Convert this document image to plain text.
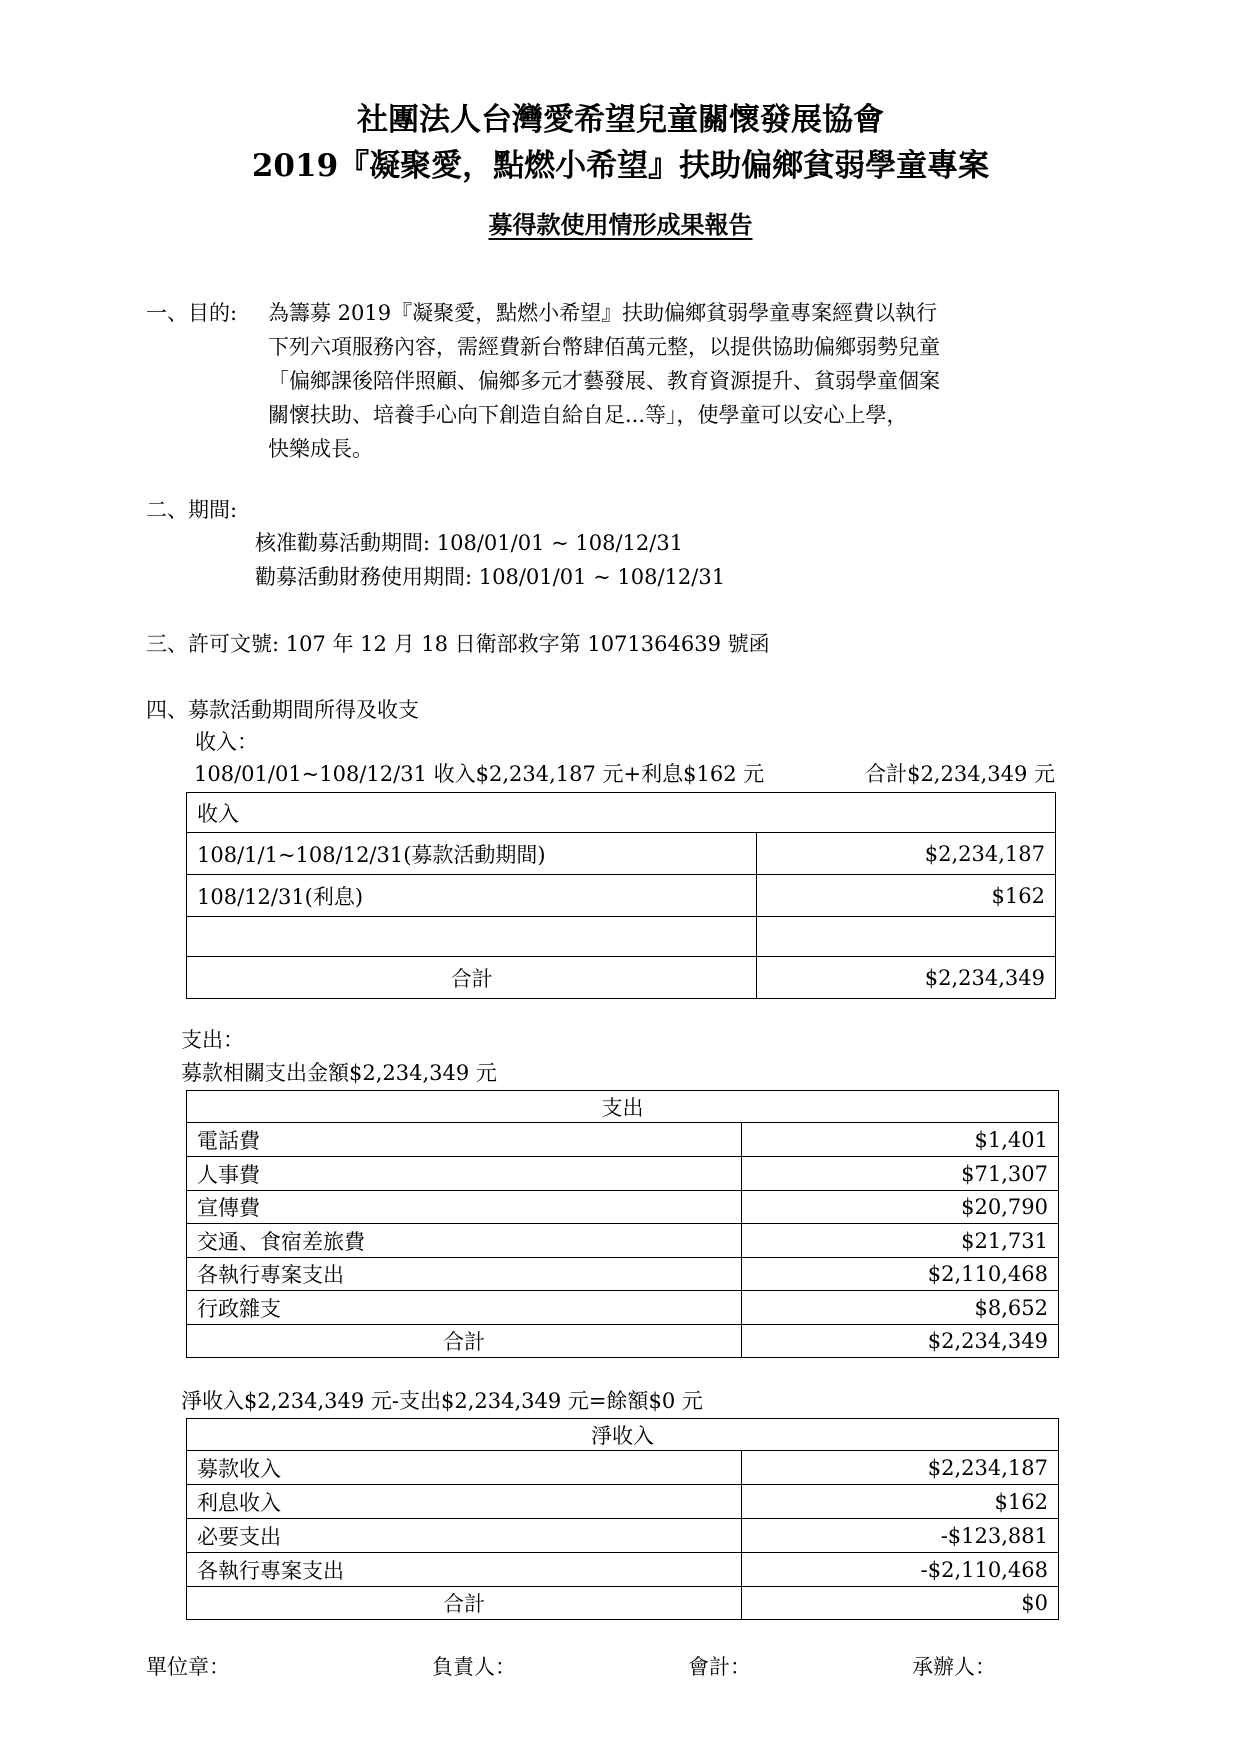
社團法人台灣愛希望兒童關懷發展協會
2019『凝聚愛，點燃小希望』扶助偏鄉貧弱學童專案
募得款使用情形成果報告
一、目的: 為籌募 2019『凝聚愛，點燃小希望』扶助偏鄉貧弱學童專案經費以執行
下列六項服務內容，需經費新台幣肆佰萬元整，以提供協助偏鄉弱勢兒童
「偏鄉課後陪伴照顧、偏鄉多元才藝發展、教育資源提升、貧弱學童個案
關懷扶助、培養手心向下創造自給自足...等」，使學童可以安心上學，
快樂成長。
二、期間:
核准勸募活動期間: 108/01/01 ~ 108/12/31
勸募活動財務使用期間: 108/01/01 ~ 108/12/31
三、許可文號: 107 年 12 月 18 日衛部救字第 1071364639 號函
四、募款活動期間所得及收支
收入：
108/01/01~108/12/31 收入$2,234,187 元+利息$162 元	合計$2,234,349 元
收入	
108/1/1~108/12/31(募款活動期間)	$2,234,187
108/12/31(利息)	$162

合計	$2,234,349
支出：
募款相關支出金額$2,234,349 元
支出	
電話費	$1,401
人事費	$71,307
宣傳費	$20,790
交通、食宿差旅費	$21,731
各執行專案支出	$2,110,468
行政雜支	$8,652
合計	$2,234,349
淨收入$2,234,349 元-支出$2,234,349 元=餘額$0 元
淨收入	
募款收入	$2,234,187
利息收入	$162
必要支出	-$123,881
各執行專案支出	-$2,110,468
合計	$0
單位章：	負責人：	會計：	承辦人：
